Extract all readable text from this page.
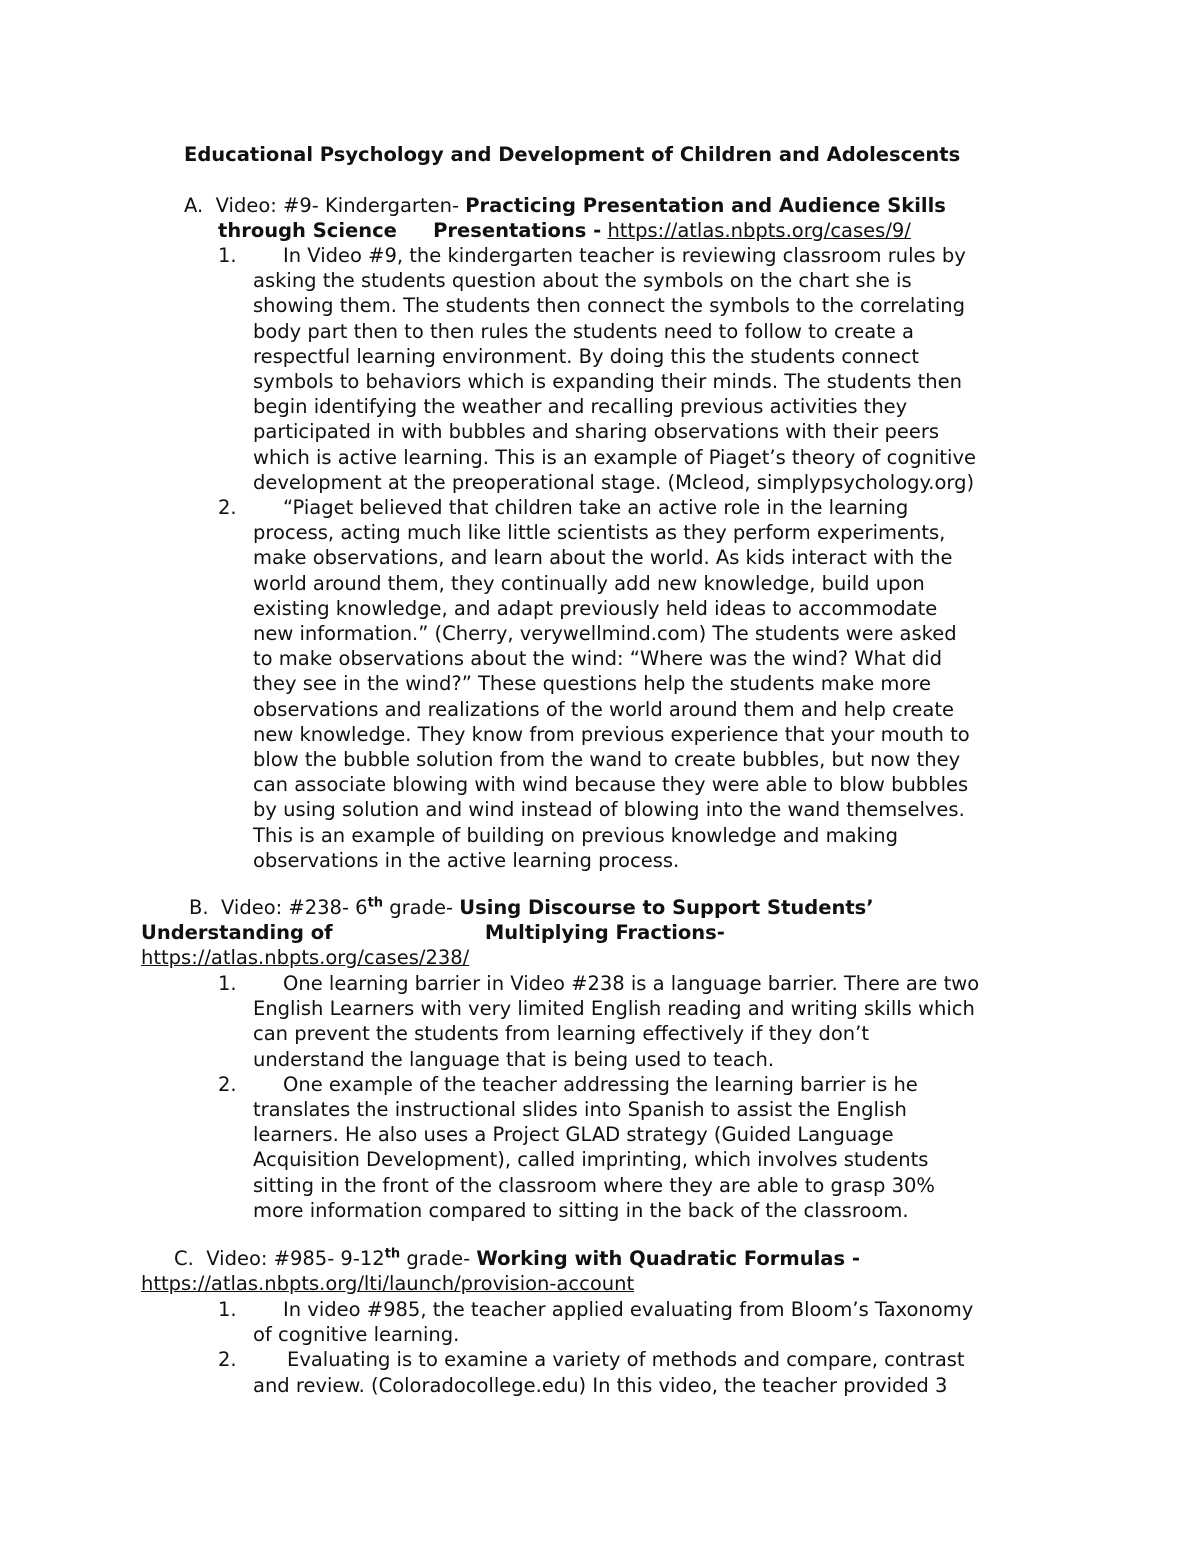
Educational Psychology and Development of Children and Adolescents
A. Video: #9- Kindergarten- Practicing Presentation and Audience Skills
through Science Presentations - https://atlas.nbpts.org/cases/9/
1.	In Video #9, the kindergarten teacher is reviewing classroom rules by
asking the students question about the symbols on the chart she is
showing them. The students then connect the symbols to the correlating
body part then to then rules the students need to follow to create a
respectful learning environment. By doing this the students connect
symbols to behaviors which is expanding their minds. The students then
begin identifying the weather and recalling previous activities they
participated in with bubbles and sharing observations with their peers
which is active learning. This is an example of Piaget’s theory of cognitive
development at the preoperational stage. (Mcleod, simplypsychology.org)
2.	“Piaget believed that children take an active role in the learning
process, acting much like little scientists as they perform experiments,
make observations, and learn about the world. As kids interact with the
world around them, they continually add new knowledge, build upon
existing knowledge, and adapt previously held ideas to accommodate
new information.” (Cherry, verywellmind.com) The students were asked
to make observations about the wind: “Where was the wind? What did
they see in the wind?” These questions help the students make more
observations and realizations of the world around them and help create
new knowledge. They know from previous experience that your mouth to
blow the bubble solution from the wand to create bubbles, but now they
can associate blowing with wind because they were able to blow bubbles
by using solution and wind instead of blowing into the wand themselves.
This is an example of building on previous knowledge and making
observations in the active learning process.
B. Video: #238- 6th grade- Using Discourse to Support Students’
Understanding of	Multiplying Fractions-
https://atlas.nbpts.org/cases/238/
1.	One learning barrier in Video #238 is a language barrier. There are two
English Learners with very limited English reading and writing skills which
can prevent the students from learning effectively if they don’t
understand the language that is being used to teach.
2.	One example of the teacher addressing the learning barrier is he
translates the instructional slides into Spanish to assist the English
learners. He also uses a Project GLAD strategy (Guided Language
Acquisition Development), called imprinting, which involves students
sitting in the front of the classroom where they are able to grasp 30%
more information compared to sitting in the back of the classroom.
C. Video: #985- 9-12th grade- Working with Quadratic Formulas -
https://atlas.nbpts.org/lti/launch/provision-account
1.	In video #985, the teacher applied evaluating from Bloom’s Taxonomy
of cognitive learning.
2.	Evaluating is to examine a variety of methods and compare, contrast
and review. (Coloradocollege.edu) In this video, the teacher provided 3
